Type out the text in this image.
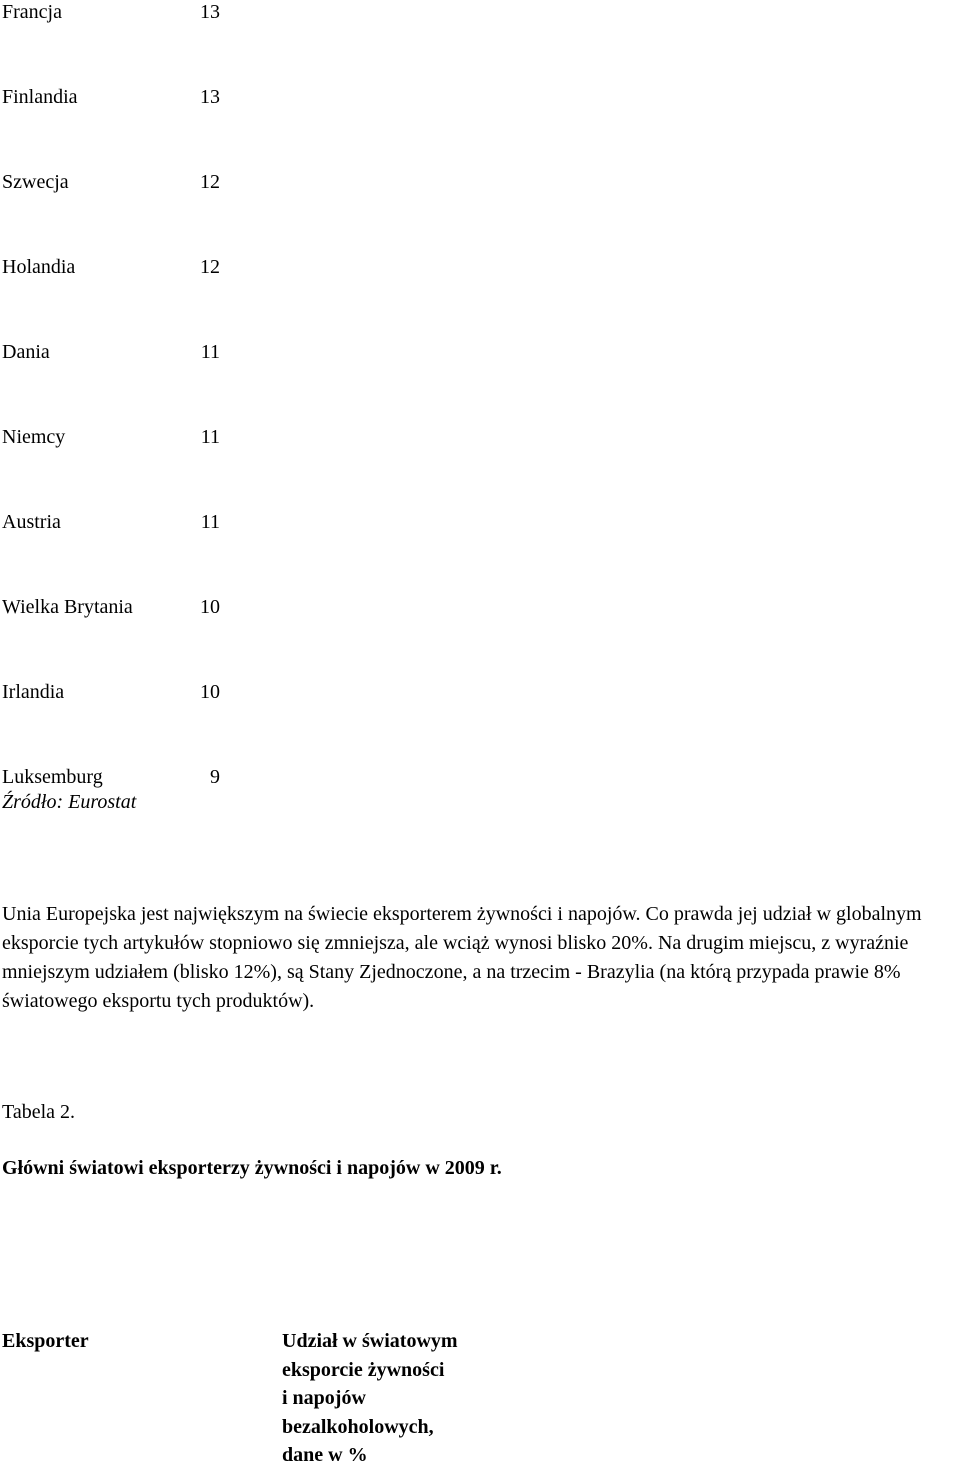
Francja	13
Finlandia	13
Szwecja	12
Holandia	12
Dania	11
Niemcy	11
Austria	11
Wielka Brytania	10
Irlandia	10
Luksemburg	9
Źródło: Eurostat

Unia Europejska jest największym na świecie eksporterem żywności i napojów. Co prawda jej udział w globalnym eksporcie tych artykułów stopniowo się zmniejsza, ale wciąż wynosi blisko 20%. Na drugim miejscu, z wyraźnie mniejszym udziałem (blisko 12%), są Stany Zjednoczone, a na trzecim - Brazylia (na którą przypada prawie 8% światowego eksportu tych produktów).

Tabela 2.
Główni światowi eksporterzy żywności i napojów w 2009 r.
Eksporter	Udział w światowym
eksporcie żywności
i napojów
bezalkoholowych,
dane w %
